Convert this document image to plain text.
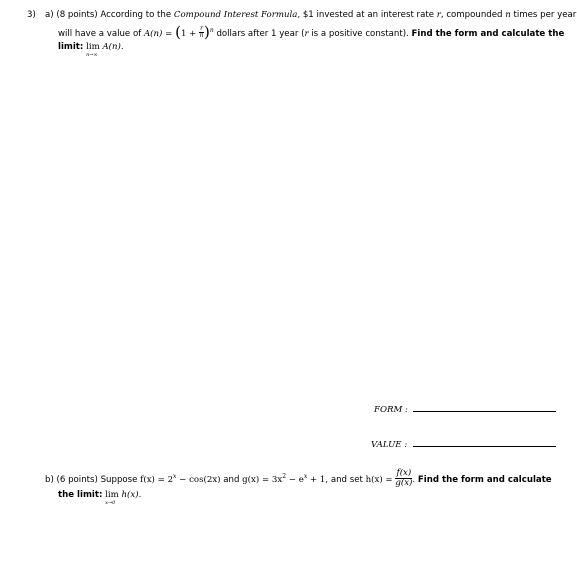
3) a) (8 points) According to the Compound Interest Formula, $1 invested at an interest rate r, compounded n times per year
will have a value of $A(n) = (1 + \frac{r}{n} )^n$ dollars after 1 year (r is a positive constant). Find the form and calculate the
limit: lim
n→∞
A(n).
FORM :
VALUE :
b) (6 points) Suppose $f(x) = 2^x - \cos(2x)$ and $g(x) = 3x^2 - e^x + 1$, and set $h(x) = \frac{f(x)}{g(x)}$ . Find the form and calculate
the limit: lim
x→0
h(x).
